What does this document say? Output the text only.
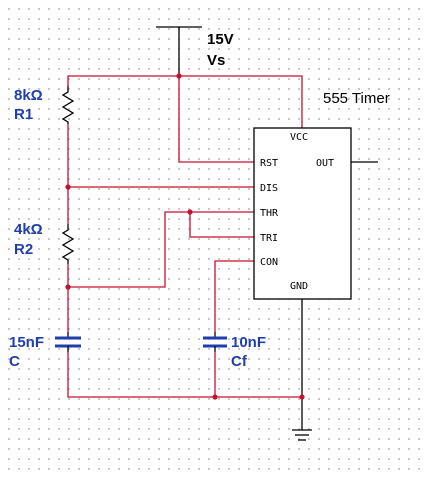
15V
Vs
8kΩ
R1
4kΩ
R2
15nF
C
10nF
Cf
VCC
RST	OUT
DIS
THR
TRI
CON
GND
555 Timer
